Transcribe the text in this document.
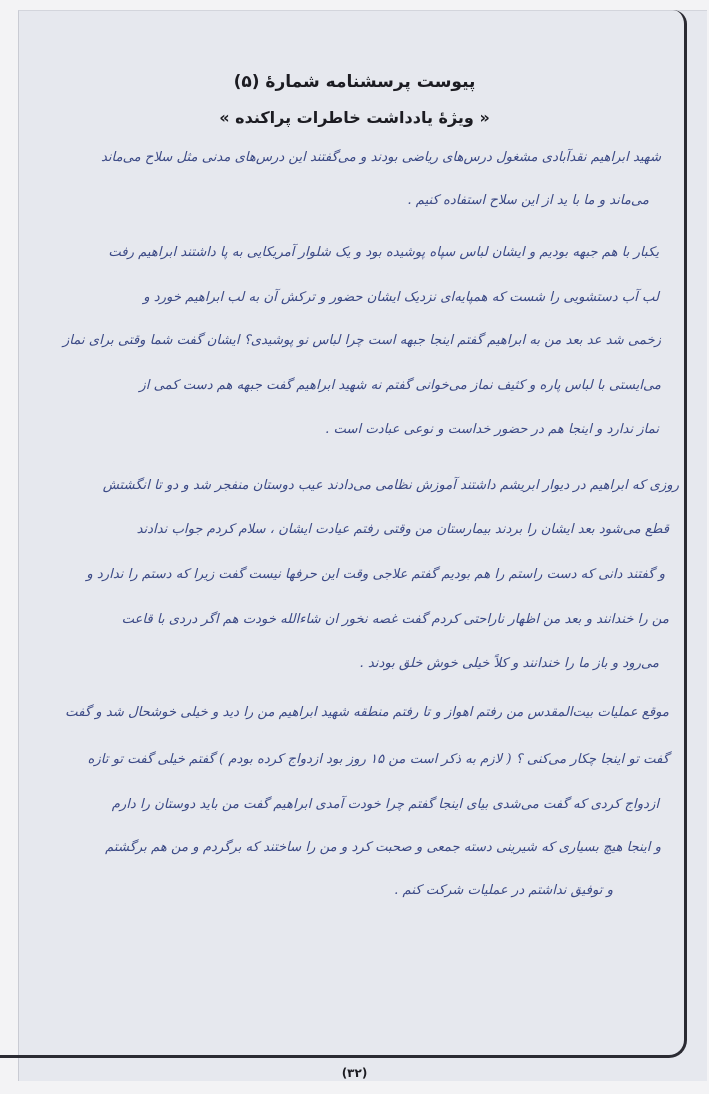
پیوست پرسشنامه شمارهٔ (۵)
« ویژهٔ یادداشت خاطرات پراکنده »
شهید ابراهیم نقدآبادی مشغول درس‌های ریاضی بودند و می‌گفتند این درس‌های مدنی مثل سلاح می‌ماند
می‌ماند و ما با ید از این سلاح استفاده کنیم .
یکبار با هم جبهه بودیم و ایشان لباس سپاه پوشیده بود و یک شلوار آمریکایی به پا داشتند ابراهیم رفت
لب آب دستشویی را شست که همپایه‌ای نزدیک ایشان حضور و ترکش آن به لب ابراهیم خورد و
زخمی شد عد بعد من به ابراهیم گفتم اینجا جبهه است چرا لباس نو پوشیدی؟ ایشان گفت شما وقتی برای نماز
می‌ایستی با لباس پاره و کثیف نماز می‌خوانی گفتم نه شهید ابراهیم گفت جبهه هم دست کمی از
نماز ندارد و اینجا هم در حضور خداست و نوعی عبادت است .
روزی که ابراهیم در دیوار ابریشم داشتند آموزش نظامی می‌دادند عیب دوستان منفجر شد و دو تا انگشتش
قطع می‌شود بعد ایشان را بردند بیمارستان من وقتی رفتم عیادت ایشان ، سلام کردم جواب ندادند
و گفتند دانی که دست راستم را هم بودیم گفتم علاجی وقت این حرفها نیست گفت زیرا که دستم را ندارد و
من را خندانند و بعد من اظهار ناراحتی کردم گفت غصه نخور ان شاءالله خودت هم اگر دردی با قاعت
می‌رود و باز ما را خندانند و کلاً خیلی خوش خلق بودند .
موقع عملیات بیت‌المقدس من رفتم اهواز و تا رفتم منطقه شهید ابراهیم من را دید و خیلی خوشحال شد و گفت
گفت تو اینجا چکار می‌کنی ؟ ( لازم به ذکر است من ۱۵ روز بود ازدواج کرده بودم ) گفتم خیلی گفت تو تازه
ازدواج کردی که گفت می‌شدی بیای اینجا گفتم چرا خودت آمدی ابراهیم گفت من باید دوستان را دارم
و اینجا هیچ بسیاری که شیرینی دسته جمعی و صحبت کرد و من را ساختند که برگردم و من هم برگشتم
و توفیق نداشتم در عملیات شرکت کنم .
(۳۲)
